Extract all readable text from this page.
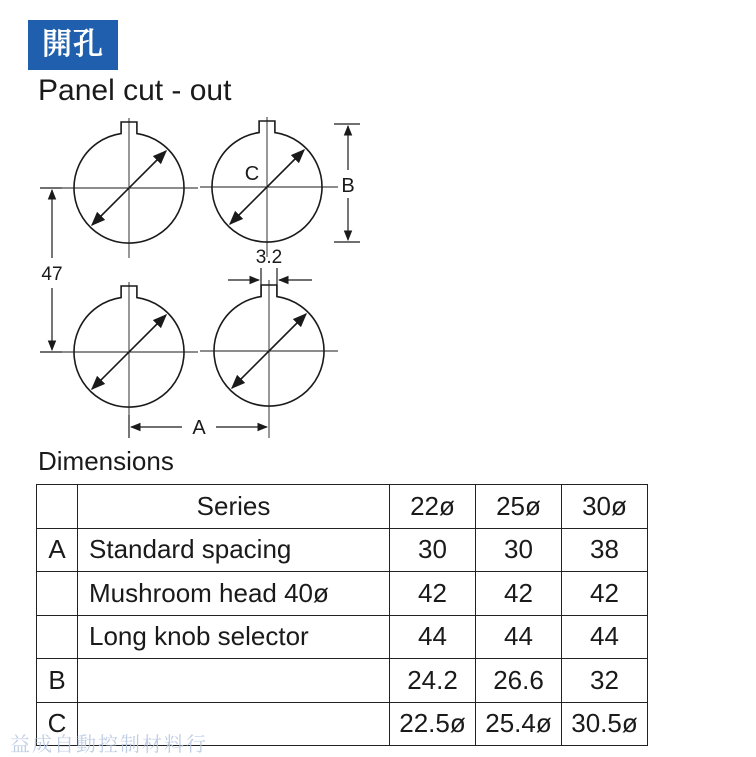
開孔
Panel cut - out
47
B
C
3.2
A
Dimensions
	Series	22ø	25ø	30ø
A	Standard spacing	30	30	38
	Mushroom head 40ø	42	42	42
	Long knob selector	44	44	44
B		24.2	26.6	32
C		22.5ø	25.4ø	30.5ø
益成自動控制材料行
